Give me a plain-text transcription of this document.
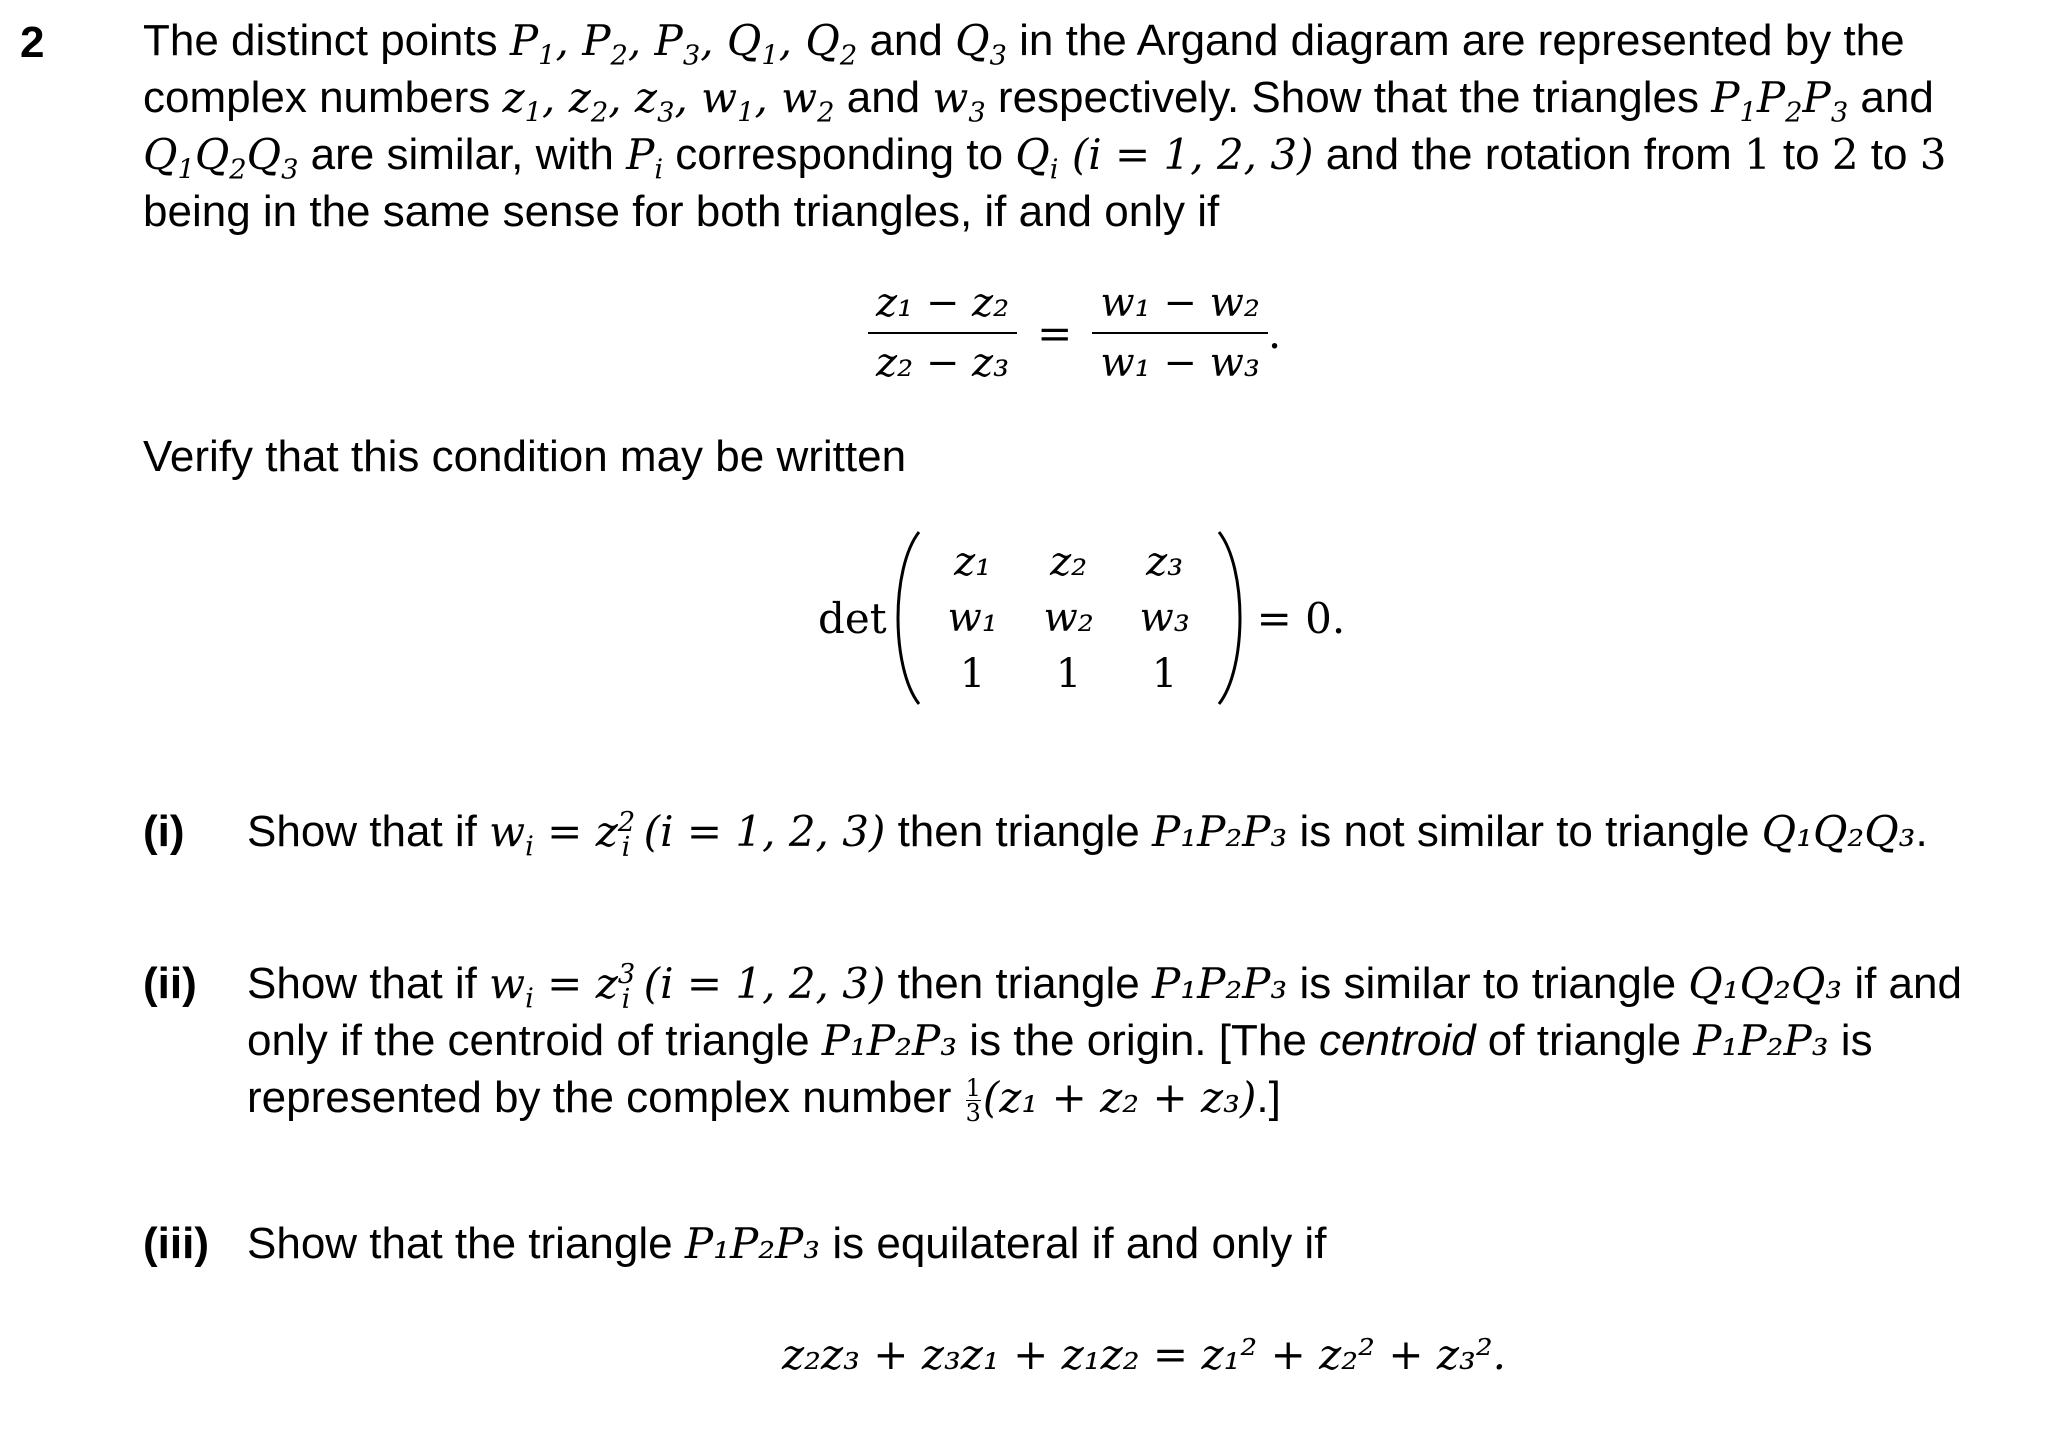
2 The distinct points $P_1$, $P_2$, $P_3$, $Q_1$, $Q_2$ and $Q_3$ in the Argand diagram are represented by the
complex numbers $z_1$, $z_2$, $z_3$, $w_1$, $w_2$ and $w_3$ respectively. Show that the triangles $P_1P_2P_3$ and
$Q_1Q_2Q_3$ are similar, with $P_i$ corresponding to $Q_i$ (i = 1, 2, 3) and the rotation from 1 to 2 to 3
being in the same sense for both triangles, if and only if
$\frac{\text{z₁ − z₂}}{\text{z₂ − z₃}} = \frac{\text{w₁ − w₂}}{\text{w₁ − w₃}}$ .
Verify that this condition may be written
det
z₁	z₂	z₃
w₁	w₂	w₃
1	1	1
= 0.
(i) Show that if $w_i = z^2_i$ (i = 1, 2, 3) then triangle P₁P₂P₃ is not similar to triangle Q₁Q₂Q₃.
(ii) Show that if $w_i = z^3_i$ (i = 1, 2, 3) then triangle P₁P₂P₃ is similar to triangle Q₁Q₂Q₃ if and
only if the centroid of triangle P₁P₂P₃ is the origin. [The centroid of triangle P₁P₂P₃ is
represented by the complex number $\frac{1}{3} (z_1 + z_2 + z_3)$.]
(iii) Show that the triangle P₁P₂P₃ is equilateral if and only if
z₂z₃ + z₃z₁ + z₁z₂ = z₁² + z₂² + z₃².
